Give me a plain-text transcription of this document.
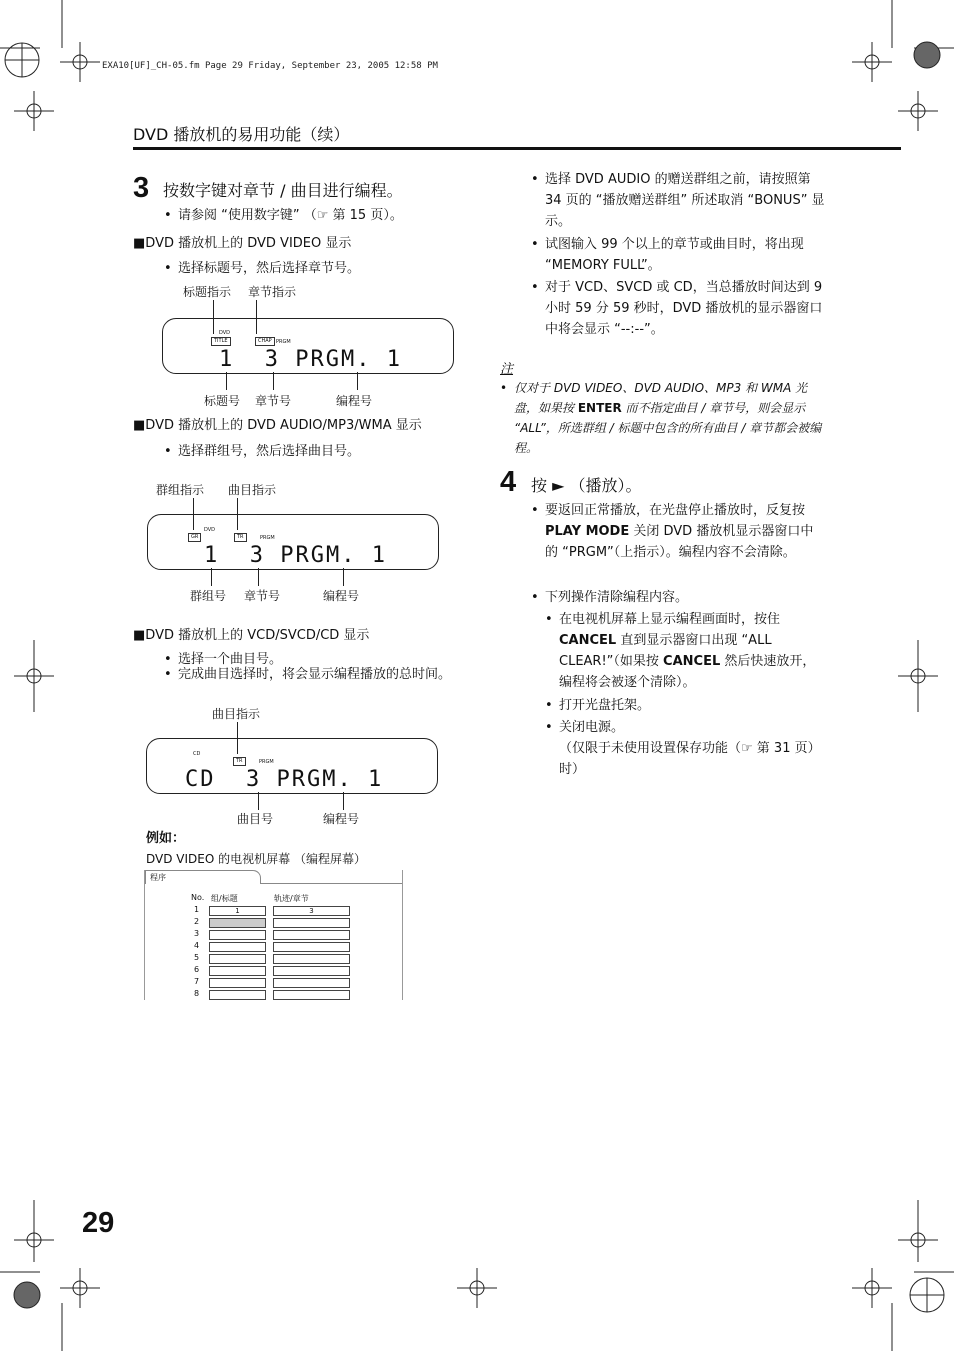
EXA10[UF]_CH-05.fm Page 29 Friday, September 23, 2005 12:58 PM
DVD 播放机的易用功能（续）
3 按数字键对章节 / 曲目进行编程。
• 请参阅 “使用数字键” （☞ 第 15 页）。
■DVD 播放机上的 DVD VIDEO 显示
• 选择标题号，然后选择章节号。
标题指示 章节指示
DVD
TITLE	CHAP PRGM
1  3 PRGM. 1
标题号 章节号	编程号
■DVD 播放机上的 DVD AUDIO/MP3/WMA 显示
• 选择群组号，然后选择曲目号。
群组指示 曲目指示
GR
DVD
TR	PRGM
1  3 PRGM. 1
群组号 章节号	编程号
■DVD 播放机上的 VCD/SVCD/CD 显示
• 选择一个曲目号。
• 完成曲目选择时，将会显示编程播放的总时间。
曲目指示
CD
TR	PRGM
CD  3 PRGM. 1
曲目号	编程号
例如：
DVD VIDEO 的电视机屏幕 （编程屏幕）
程序
No. 组/标题	轨迹/章节
1	1	3
2
3
4
5
6
7
8
• 选择 DVD AUDIO 的赠送群组之前，请按照第 34 页的 “播放赠送群组” 所述取消 “BONUS” 显示。
• 试图输入 99 个以上的章节或曲目时，将出现 “MEMORY FULL”。
• 对于 VCD、SVCD 或 CD，当总播放时间达到 9 小时 59 分 59 秒时，DVD 播放机的显示器窗口中将会显示 “--:--”。
注
• 仅对于 DVD VIDEO、DVD AUDIO、MP3 和 WMA 光盘，如果按 ENTER 而不指定曲目 / 章节号，则会显示 “ALL”，所选群组 / 标题中包含的所有曲目 / 章节都会被编程。
4 按 ► （播放）。
• 要返回正常播放，在光盘停止播放时，反复按 PLAY MODE 关闭 DVD 播放机显示器窗口中的 “PRGM”（上指示）。编程内容不会清除。
• 下列操作清除编程内容。
• 在电视机屏幕上显示编程画面时，按住 CANCEL 直到显示器窗口出现 “ALL CLEAR!”（如果按 CANCEL 然后快速放开，编程将会被逐个清除）。
• 打开光盘托架。
• 关闭电源。
（仅限于未使用设置保存功能（☞ 第 31 页）时）
29
